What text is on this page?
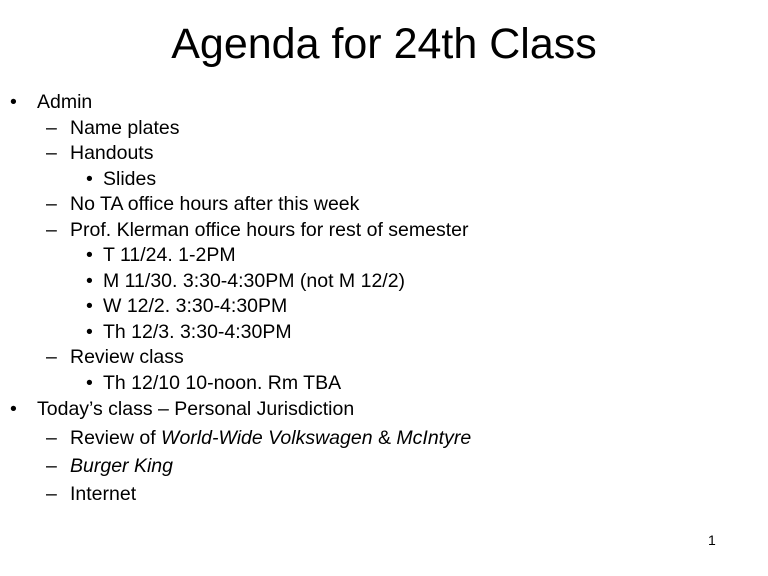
Agenda for 24th Class
• Admin
– Name plates
– Handouts
• Slides
– No TA office hours after this week
– Prof. Klerman office hours for rest of semester
• T 11/24. 1-2PM
• M 11/30. 3:30-4:30PM (not M 12/2)
• W 12/2. 3:30-4:30PM
• Th 12/3. 3:30-4:30PM
– Review class
• Th 12/10 10-noon. Rm TBA
• Today’s class – Personal Jurisdiction
– Review of World-Wide Volkswagen & McIntyre
– Burger King
– Internet
1
